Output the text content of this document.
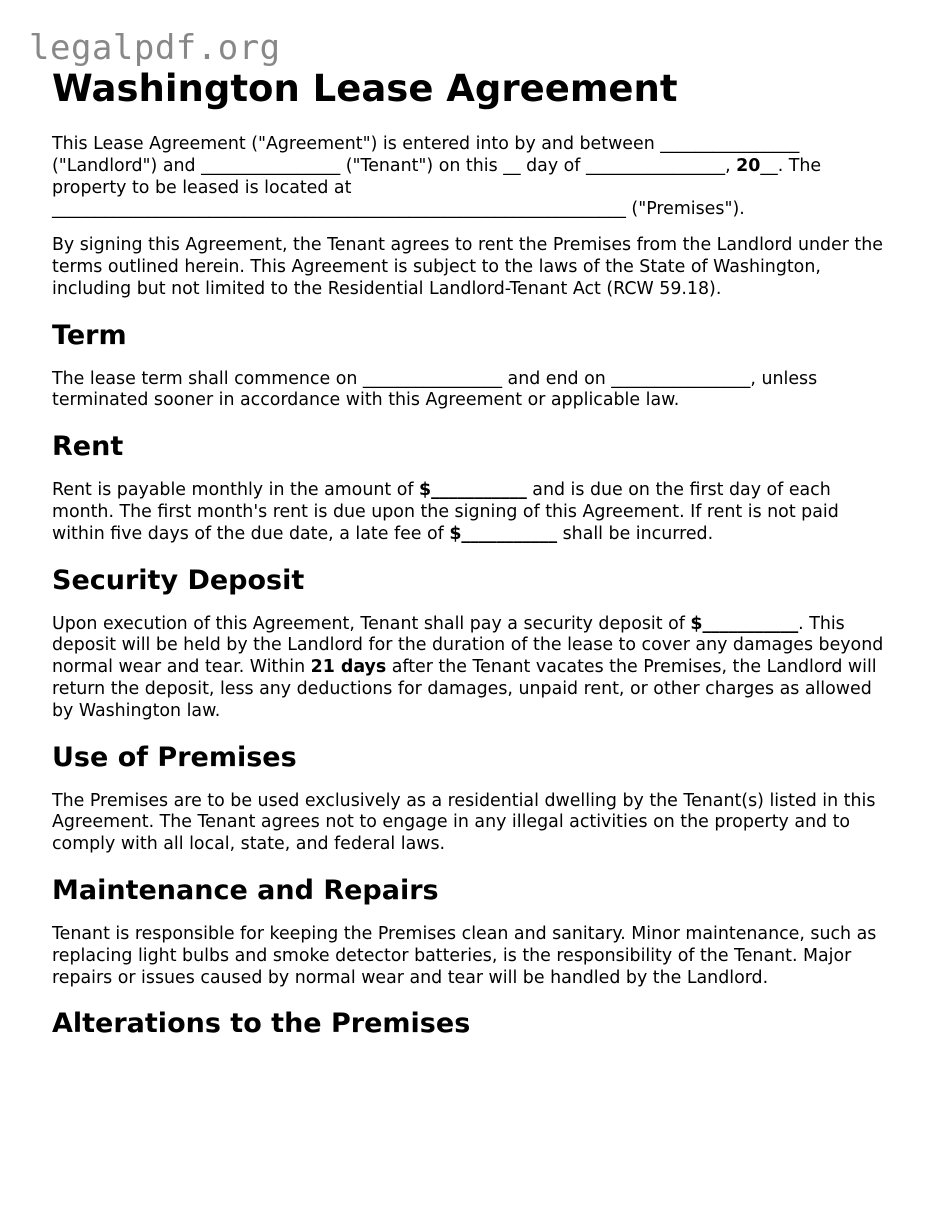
legalpdf.org
Washington Lease Agreement

This Lease Agreement ("Agreement") is entered into by and between ________________ ("Landlord") and ________________ ("Tenant") on this __ day of ________________, 20__. The property to be leased is located at __________________________________________________________________ ("Premises").

By signing this Agreement, the Tenant agrees to rent the Premises from the Landlord under the terms outlined herein. This Agreement is subject to the laws of the State of Washington, including but not limited to the Residential Landlord-Tenant Act (RCW 59.18).

Term

The lease term shall commence on ________________ and end on ________________, unless terminated sooner in accordance with this Agreement or applicable law.

Rent

Rent is payable monthly in the amount of $___________ and is due on the first day of each month. The first month's rent is due upon the signing of this Agreement. If rent is not paid within five days of the due date, a late fee of $___________ shall be incurred.

Security Deposit

Upon execution of this Agreement, Tenant shall pay a security deposit of $___________. This deposit will be held by the Landlord for the duration of the lease to cover any damages beyond normal wear and tear. Within 21 days after the Tenant vacates the Premises, the Landlord will return the deposit, less any deductions for damages, unpaid rent, or other charges as allowed by Washington law.

Use of Premises

The Premises are to be used exclusively as a residential dwelling by the Tenant(s) listed in this Agreement. The Tenant agrees not to engage in any illegal activities on the property and to comply with all local, state, and federal laws.

Maintenance and Repairs

Tenant is responsible for keeping the Premises clean and sanitary. Minor maintenance, such as replacing light bulbs and smoke detector batteries, is the responsibility of the Tenant. Major repairs or issues caused by normal wear and tear will be handled by the Landlord.

Alterations to the Premises
